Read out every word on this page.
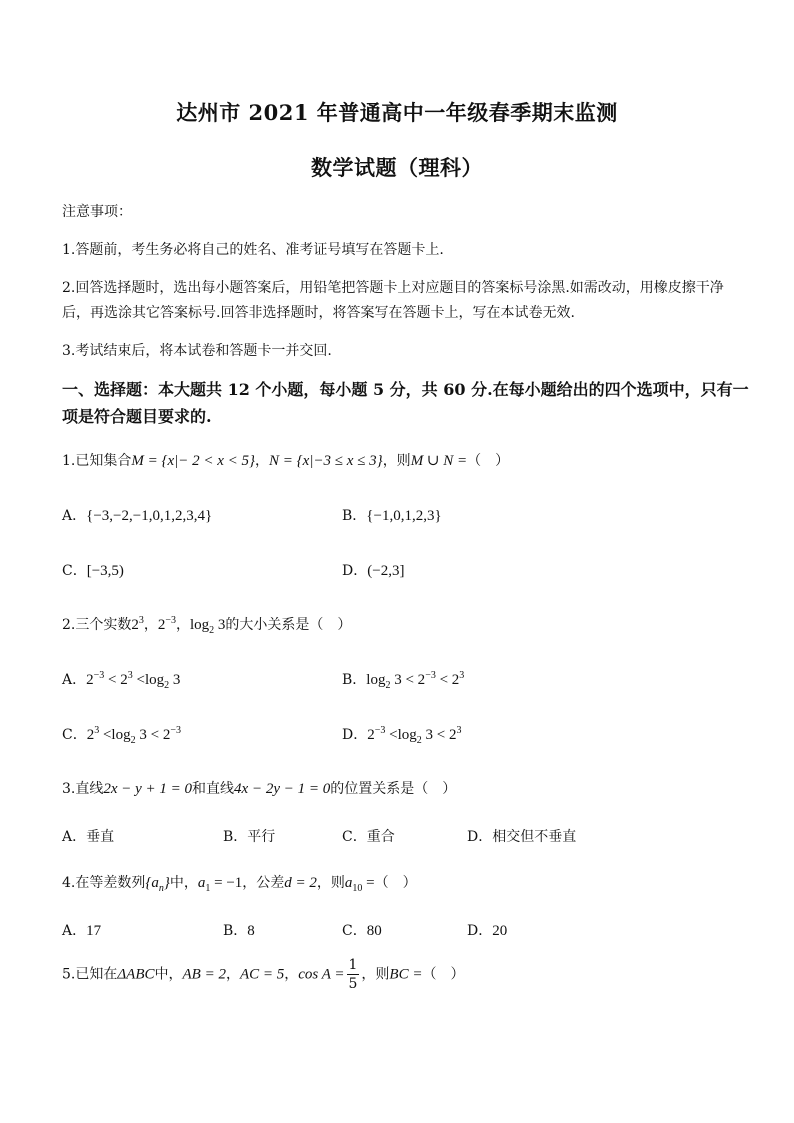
达州市 2021 年普通高中一年级春季期末监测
数学试题（理科）
注意事项：
1.答题前，考生务必将自己的姓名、准考证号填写在答题卡上.
2.回答选择题时，选出每小题答案后，用铅笔把答题卡上对应题目的答案标号涂黑.如需改动，用橡皮擦干净
后，再选涂其它答案标号.回答非选择题时，将答案写在答题卡上，写在本试卷无效.
3.考试结束后，将本试卷和答题卡一并交回.
一、选择题：本大题共 12 个小题，每小题 5 分，共 60 分.在每小题给出的四个选项中，只有一
项是符合题目要求的.
1.已知集合M = {x|− 2 < x < 5}，N = {x|−3 ≤ x ≤ 3}，则M ∪ N =（　）
A．{−3,−2,−1,0,1,2,3,4}	B．{−1,0,1,2,3}
C．[−3,5)	D．(−2,3]
2.三个实数$2^3$，$2^{-3}$，$\log_2 3$的大小关系是（　）
A．$2^{-3} < 2^3 <\log_2$ 3	B．$\log_2 3 < 2^{-3} < 2^3$
C．$2^3 <\log_2$ $3 < 2^{-3}$	D．$2^{-3} <\log_2$ $3 < 2^3$
3.直线2x − y + 1 = 0和直线4x − 2y − 1 = 0的位置关系是（　）
A．垂直	B．平行	C．重合	D．相交但不垂直
4.在等差数列$\{a_n\}$中，$a_1 = -1$，公差d = 2，则$a_{10}$ =（　）
A．17	B．8	C．80	D．20
5.已知在ΔABC中，AB = 2，AC = 5，$\cos A = \frac{1}{5}$ ，则BC =（　）
